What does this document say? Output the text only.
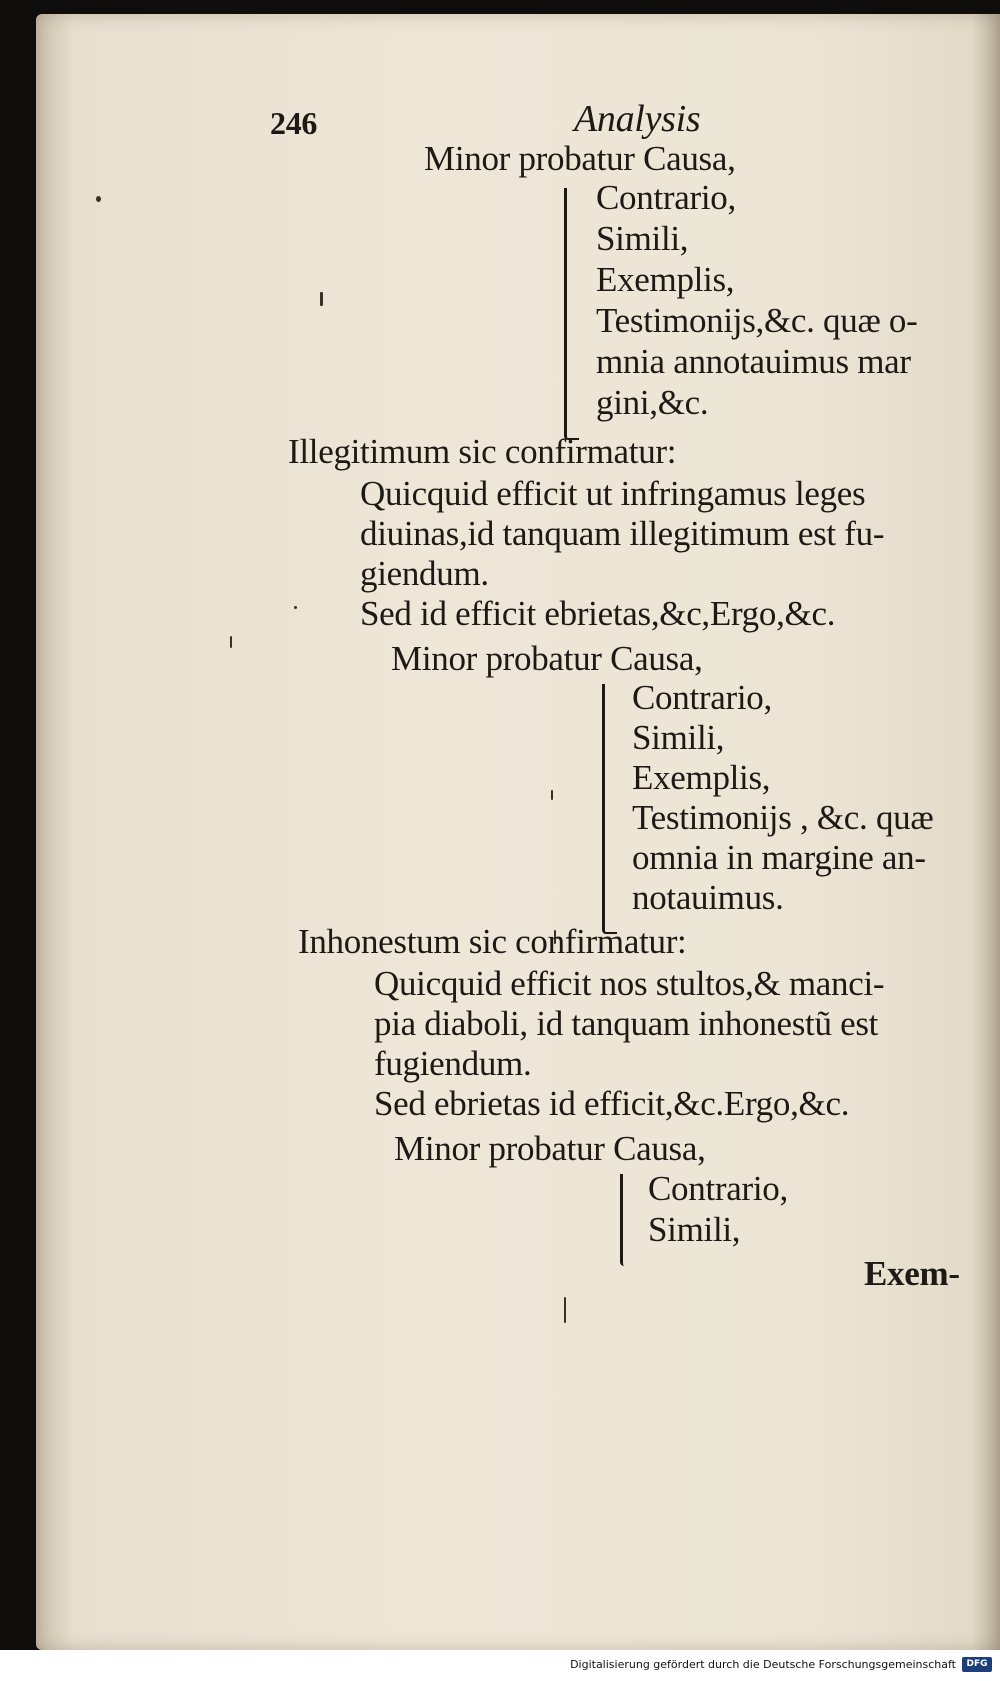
246	Analysis
Minor probatur Causa,
Contrario,
Simili,
Exemplis,
Testimonijs,&c. quæ o-
mnia annotauimus mar
gini,&c.
Illegitimum sic confirmatur:
Quicquid efficit ut infringamus leges
diuinas,id tanquam illegitimum est fu-
giendum.
Sed id efficit ebrietas,&c,Ergo,&c.
Minor probatur Causa,
Contrario,
Simili,
Exemplis,
Testimonijs , &c. quæ
omnia in margine an-
notauimus.
Inhonestum sic confirmatur:
Quicquid efficit nos stultos,& manci-
pia diaboli, id tanquam inhonestũ est
fugiendum.
Sed ebrietas id efficit,&c.Ergo,&c.
Minor probatur Causa,
Contrario,
Simili,
Exem-
Digitalisierung gefördert durch die Deutsche Forschungsgemeinschaft	DFG
